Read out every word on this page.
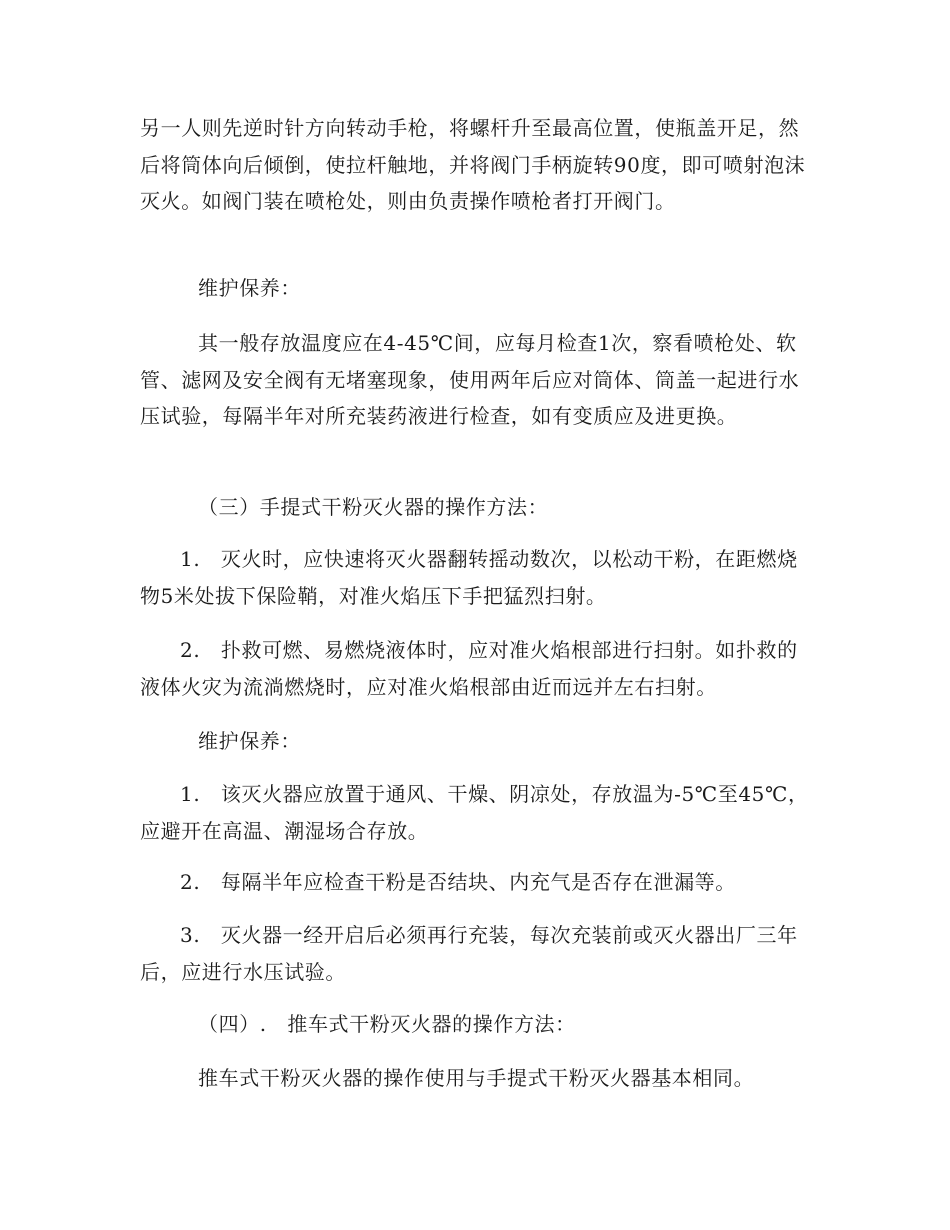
另一人则先逆时针方向转动手枪，将螺杆升至最高位置，使瓶盖开足，然后将筒体向后倾倒，使拉杆触地，并将阀门手柄旋转90度，即可喷射泡沫灭火。如阀门装在喷枪处，则由负责操作喷枪者打开阀门。

维护保养：

其一般存放温度应在4-45℃间，应每月检查1次，察看喷枪处、软管、滤网及安全阀有无堵塞现象，使用两年后应对筒体、筒盖一起进行水压试验，每隔半年对所充装药液进行检查，如有变质应及进更换。

（三）手提式干粉灭火器的操作方法：

1.　灭火时，应快速将灭火器翻转摇动数次，以松动干粉，在距燃烧物5米处拔下保险鞘，对准火焰压下手把猛烈扫射。

2.　扑救可燃、易燃烧液体时，应对准火焰根部进行扫射。如扑救的液体火灾为流淌燃烧时，应对准火焰根部由近而远并左右扫射。

维护保养：

1.　该灭火器应放置于通风、干燥、阴凉处，存放温为-5℃至45℃，应避开在高温、潮湿场合存放。

2.　每隔半年应检查干粉是否结块、内充气是否存在泄漏等。

3.　灭火器一经开启后必须再行充装，每次充装前或灭火器出厂三年后，应进行水压试验。

（四）.　推车式干粉灭火器的操作方法：

推车式干粉灭火器的操作使用与手提式干粉灭火器基本相同。
